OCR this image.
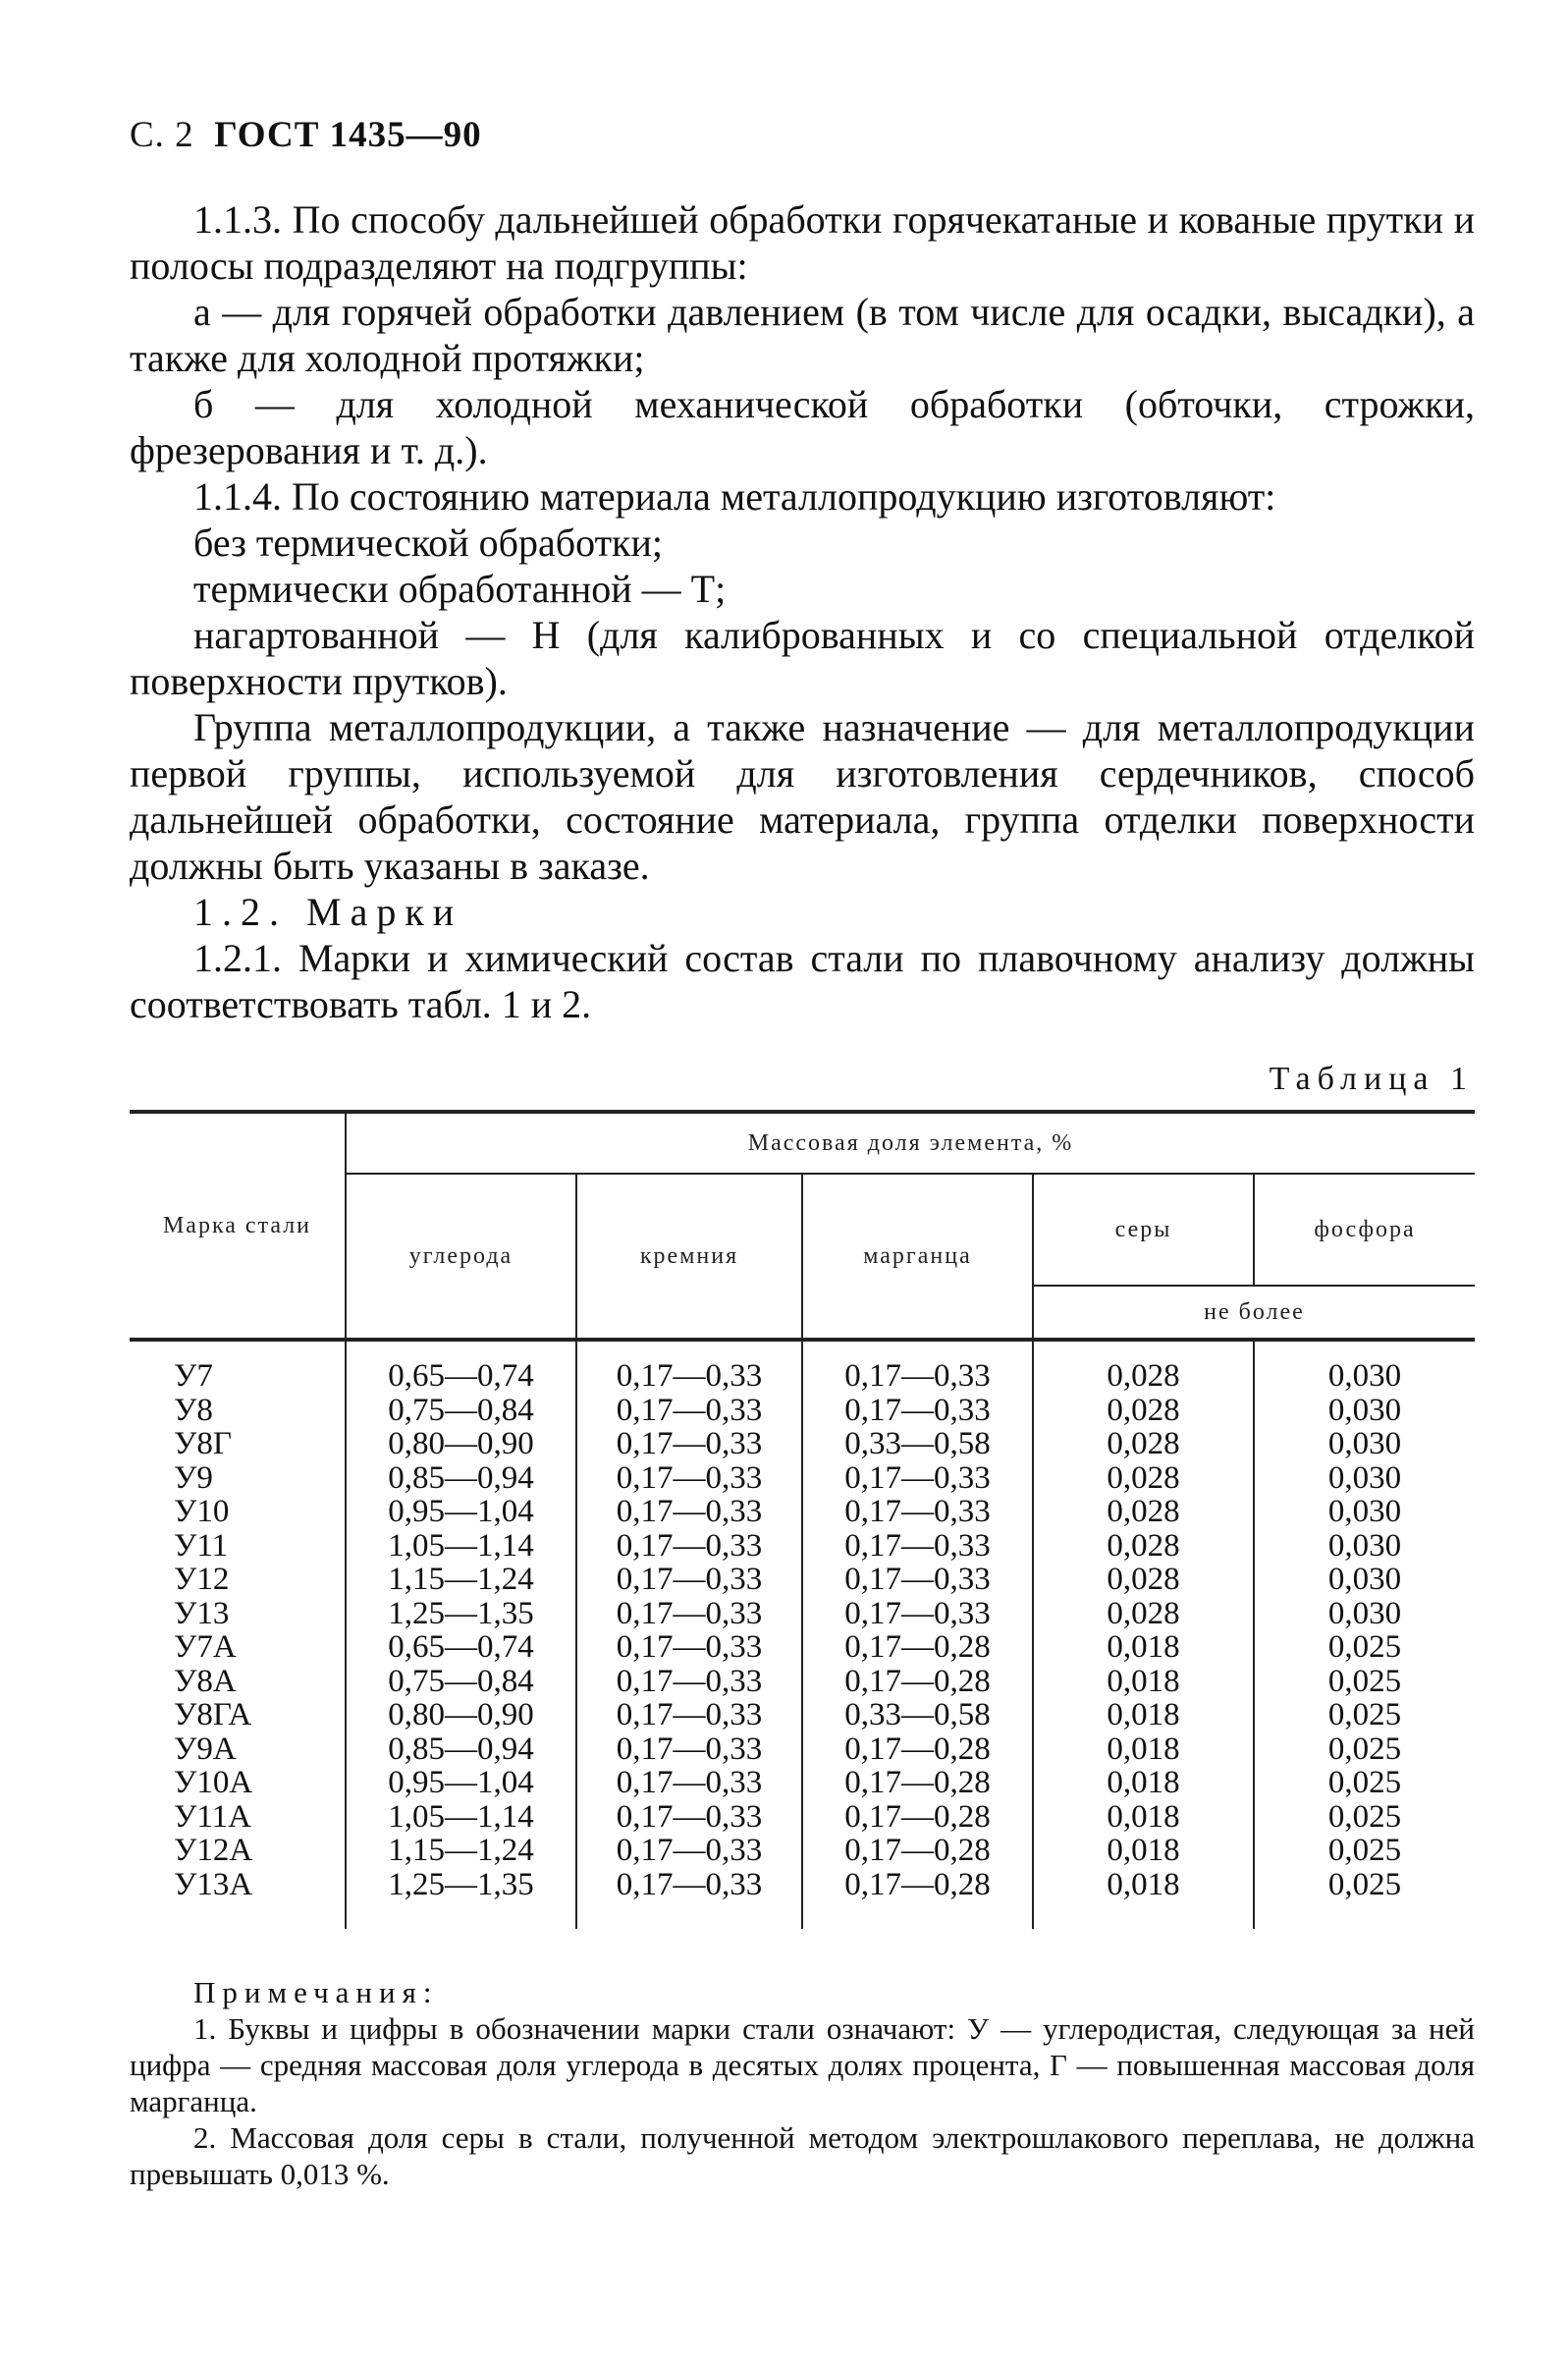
С. 2 ГОСТ 1435—90

1.1.3. По способу дальнейшей обработки горячекатаные и кованые прутки и полосы подразделяют на подгруппы:

а — для горячей обработки давлением (в том числе для осадки, высадки), а также для холодной протяжки;

б — для холодной механической обработки (обточки, строжки, фрезерования и т. д.).

1.1.4. По состоянию материала металлопродукцию изготовляют:

без термической обработки;

термически обработанной — Т;

нагартованной — Н (для калиброванных и со специальной отделкой поверхности прутков).

Группа металлопродукции, а также назначение — для металлопродукции первой группы, используемой для изготовления сердечников, способ дальнейшей обработки, состояние материала, группа отделки поверхности должны быть указаны в заказе.

1.2. Марки

1.2.1. Марки и химический состав стали по плавочному анализу должны соответствовать табл. 1 и 2.

Таблица 1
Марка стали	Массовая доля элемента, %				
	углерода	кремния	марганца	серы	фосфора
				не более	
У7	0,65—0,74	0,17—0,33	0,17—0,33	0,028	0,030
У8	0,75—0,84	0,17—0,33	0,17—0,33	0,028	0,030
У8Г	0,80—0,90	0,17—0,33	0,33—0,58	0,028	0,030
У9	0,85—0,94	0,17—0,33	0,17—0,33	0,028	0,030
У10	0,95—1,04	0,17—0,33	0,17—0,33	0,028	0,030
У11	1,05—1,14	0,17—0,33	0,17—0,33	0,028	0,030
У12	1,15—1,24	0,17—0,33	0,17—0,33	0,028	0,030
У13	1,25—1,35	0,17—0,33	0,17—0,33	0,028	0,030
У7А	0,65—0,74	0,17—0,33	0,17—0,28	0,018	0,025
У8А	0,75—0,84	0,17—0,33	0,17—0,28	0,018	0,025
У8ГА	0,80—0,90	0,17—0,33	0,33—0,58	0,018	0,025
У9А	0,85—0,94	0,17—0,33	0,17—0,28	0,018	0,025
У10А	0,95—1,04	0,17—0,33	0,17—0,28	0,018	0,025
У11А	1,05—1,14	0,17—0,33	0,17—0,28	0,018	0,025
У12А	1,15—1,24	0,17—0,33	0,17—0,28	0,018	0,025
У13А	1,25—1,35	0,17—0,33	0,17—0,28	0,018	0,025

Примечания:

1. Буквы и цифры в обозначении марки стали означают: У — углеродистая, следующая за ней цифра — средняя массовая доля углерода в десятых долях процента, Г — повышенная массовая доля марганца.

2. Массовая доля серы в стали, полученной методом электрошлакового переплава, не должна превышать 0,013 %.
